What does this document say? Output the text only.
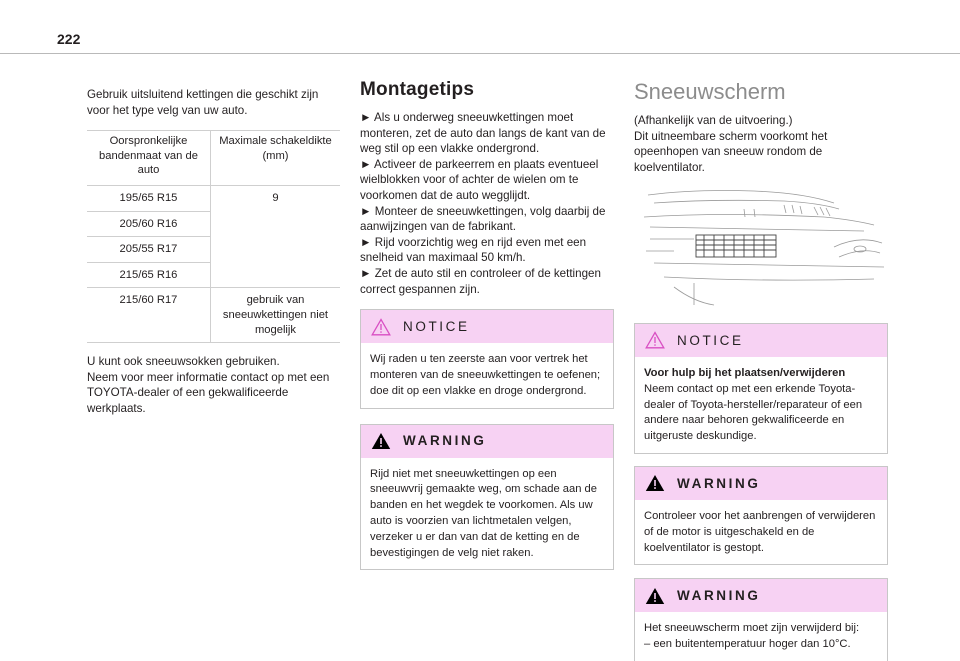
222

Gebruik uitsluitend kettingen die geschikt zijn voor het type velg van uw auto.

Oorspronkelijke bandenmaat van de auto	Maximale schakeldikte (mm)
195/65 R15	9
205/60 R16	
205/55 R17	
215/65 R16	
215/60 R17	gebruik van sneeuwkettingen niet mogelijk

U kunt ook sneeuwsokken gebruiken.
Neem voor meer informatie contact op met een TOYOTA-dealer of een gekwalificeerde werkplaats.

Montagetips

► Als u onderweg sneeuwkettingen moet monteren, zet de auto dan langs de kant van de weg stil op een vlakke ondergrond.

► Activeer de parkeerrem en plaats eventueel wielblokken voor of achter de wielen om te voorkomen dat de auto wegglijdt.

► Monteer de sneeuwkettingen, volg daarbij de aanwijzingen van de fabrikant.

► Rijd voorzichtig weg en rijd even met een snelheid van maximaal 50 km/h.

► Zet de auto stil en controleer of de kettingen correct gespannen zijn.

NOTICE
Wij raden u ten zeerste aan voor vertrek het monteren van de sneeuwkettingen te oefenen; doe dit op een vlakke en droge ondergrond.
WARNING
Rijd niet met sneeuwkettingen op een sneeuwvrij gemaakte weg, om schade aan de banden en het wegdek te voorkomen. Als uw auto is voorzien van lichtmetalen velgen, verzeker u er dan van dat de ketting en de bevestigingen de velg niet raken.
Sneeuwscherm

(Afhankelijk van de uitvoering.)
Dit uitneembare scherm voorkomt het opeenhopen van sneeuw rondom de koelventilator.

NOTICE
Voor hulp bij het plaatsen/verwijderen
Neem contact op met een erkende Toyota-dealer of Toyota-hersteller/reparateur of een andere naar behoren gekwalificeerde en uitgeruste deskundige.
WARNING
Controleer voor het aanbrengen of verwijderen of de motor is uitgeschakeld en de koelventilator is gestopt.
WARNING
Het sneeuwscherm moet zijn verwijderd bij:
– een buitentemperatuur hoger dan 10°C.
